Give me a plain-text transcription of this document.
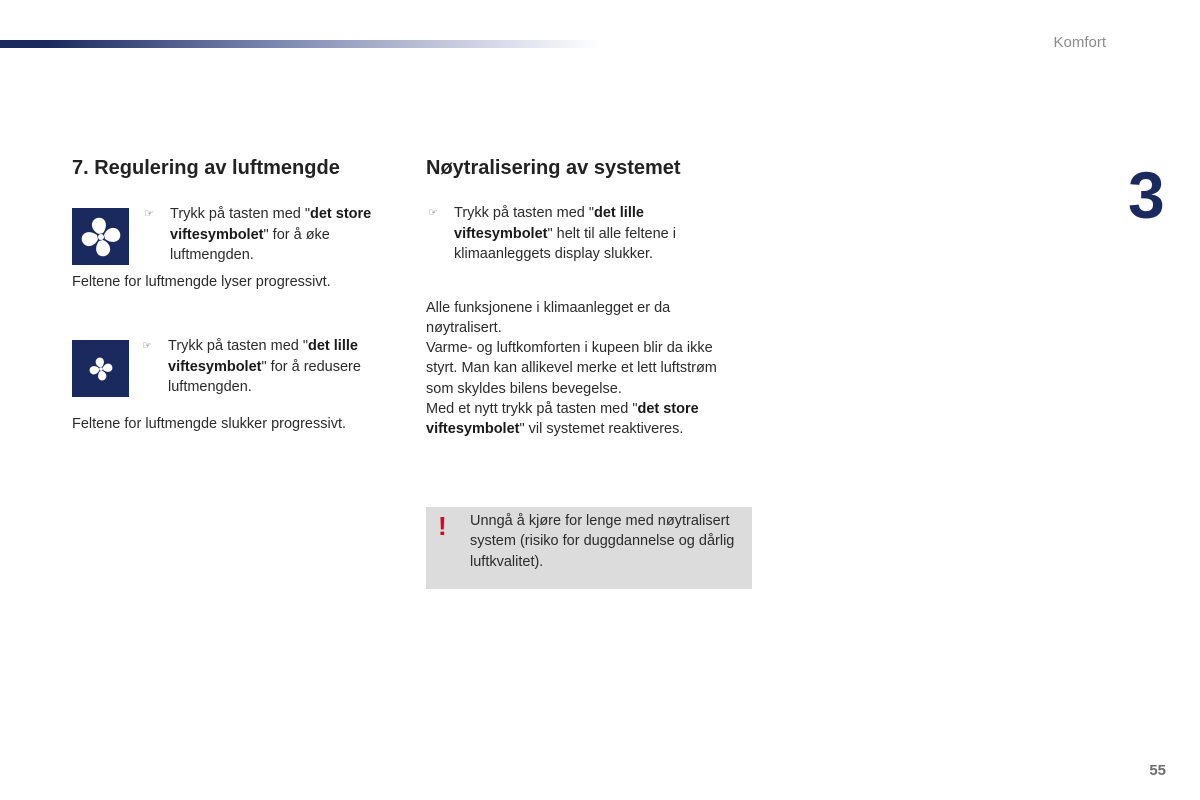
Komfort
3
7. Regulering av luftmengde
☞ Trykk på tasten med "det store viftesymbolet" for å øke luftmengden.

Feltene for luftmengde lyser progressivt.

☞ Trykk på tasten med "det lille viftesymbolet" for å redusere luftmengden.

Feltene for luftmengde slukker progressivt.

Nøytralisering av systemet
☞ Trykk på tasten med "det lille viftesymbolet" helt til alle feltene i klimaanleggets display slukker.

Alle funksjonene i klimaanlegget er da nøytralisert.

Varme- og luftkomforten i kupeen blir da ikke styrt. Man kan allikevel merke et lett luftstrøm som skyldes bilens bevegelse.

Med et nytt trykk på tasten med "det store viftesymbolet" vil systemet reaktiveres.

! Unngå å kjøre for lenge med nøytralisert system (risiko for duggdannelse og dårlig luftkvalitet).
55
